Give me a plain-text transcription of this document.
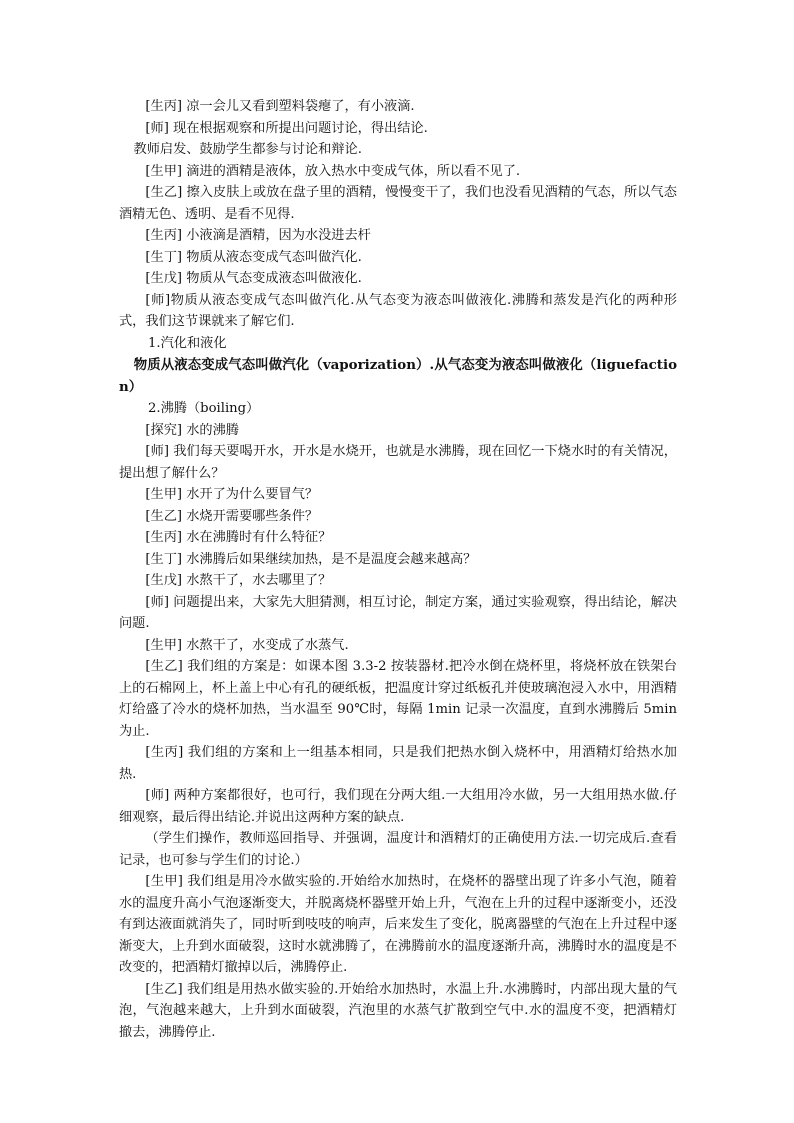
[生丙] 凉一会儿又看到塑料袋瘪了，有小液滴.

[师] 现在根据观察和所提出问题讨论，得出结论.

教师启发、鼓励学生都参与讨论和辩论.

[生甲] 滴进的酒精是液体，放入热水中变成气体，所以看不见了.

[生乙] 擦入皮肤上或放在盘子里的酒精，慢慢变干了，我们也没看见酒精的气态，所以气态酒精无色、透明、是看不见得.

[生丙] 小液滴是酒精，因为水没进去杆

[生丁] 物质从液态变成气态叫做汽化.

[生戊] 物质从气态变成液态叫做液化.

[师]物质从液态变成气态叫做汽化.从气态变为液态叫做液化.沸腾和蒸发是汽化的两种形式，我们这节课就来了解它们.

1.汽化和液化

物质从液态变成气态叫做汽化（vaporization）.从气态变为液态叫做液化（liguefaction）

2.沸腾（boiling）

[探究] 水的沸腾

[师] 我们每天要喝开水，开水是水烧开，也就是水沸腾，现在回忆一下烧水时的有关情况，提出想了解什么？

[生甲] 水开了为什么要冒气？

[生乙] 水烧开需要哪些条件？

[生丙] 水在沸腾时有什么特征？

[生丁] 水沸腾后如果继续加热，是不是温度会越来越高？

[生戊] 水熬干了，水去哪里了？

[师] 问题提出来，大家先大胆猜测，相互讨论，制定方案，通过实验观察，得出结论，解决问题.

[生甲] 水熬干了，水变成了水蒸气.

[生乙] 我们组的方案是：如课本图 3.3-2 按装器材.把冷水倒在烧杯里，将烧杯放在铁架台上的石棉网上，杯上盖上中心有孔的硬纸板，把温度计穿过纸板孔并使玻璃泡浸入水中，用酒精灯给盛了冷水的烧杯加热，当水温至 90℃时，每隔 1min 记录一次温度，直到水沸腾后 5min 为止.

[生丙] 我们组的方案和上一组基本相同，只是我们把热水倒入烧杯中，用酒精灯给热水加热.

[师] 两种方案都很好，也可行，我们现在分两大组.一大组用冷水做，另一大组用热水做.仔细观察，最后得出结论.并说出这两种方案的缺点.

（学生们操作，教师巡回指导、并强调，温度计和酒精灯的正确使用方法.一切完成后.查看记录，也可参与学生们的讨论.）

[生甲] 我们组是用冷水做实验的.开始给水加热时，在烧杯的器壁出现了许多小气泡，随着水的温度升高小气泡逐渐变大，并脱离烧杯器壁开始上升，气泡在上升的过程中逐渐变小，还没有到达液面就消失了，同时听到吱吱的响声，后来发生了变化，脱离器壁的气泡在上升过程中逐渐变大，上升到水面破裂，这时水就沸腾了，在沸腾前水的温度逐渐升高，沸腾时水的温度是不改变的，把酒精灯撤掉以后，沸腾停止.

[生乙] 我们组是用热水做实验的.开始给水加热时，水温上升.水沸腾时，内部出现大量的气泡，气泡越来越大，上升到水面破裂，汽泡里的水蒸气扩散到空气中.水的温度不变，把酒精灯撤去，沸腾停止.
